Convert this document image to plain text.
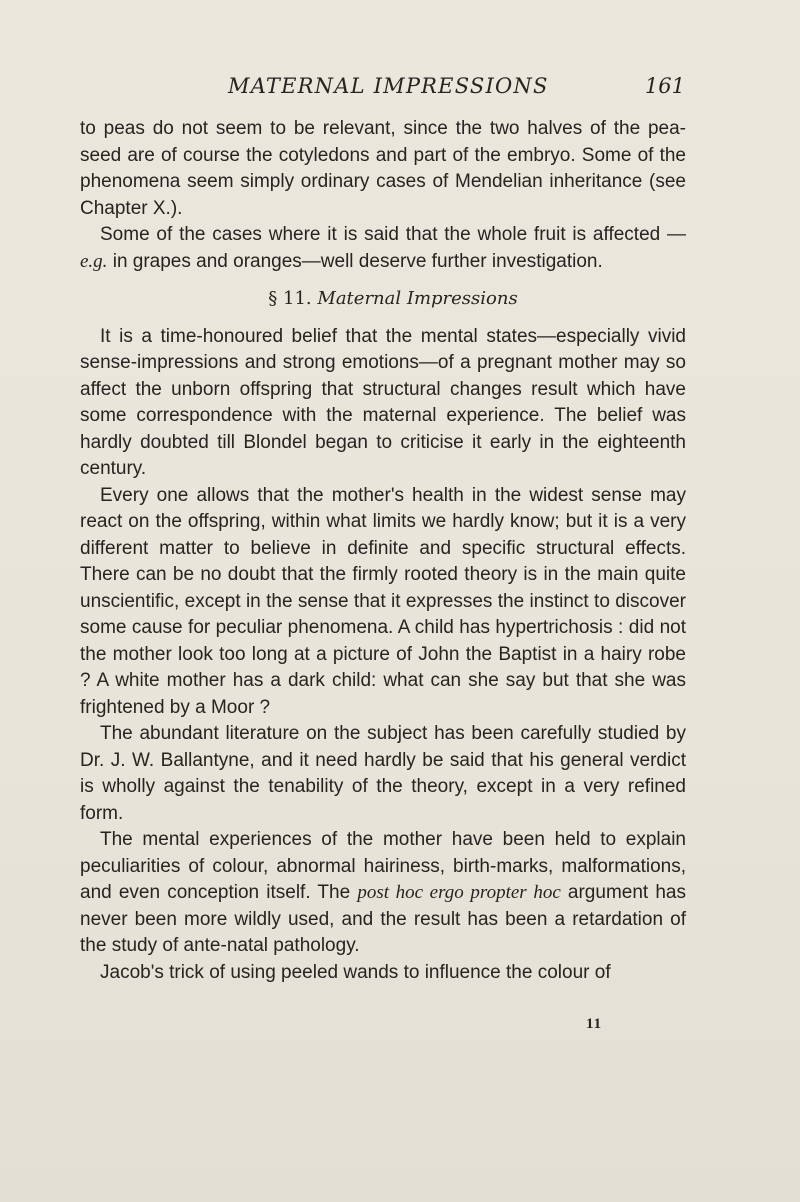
MATERNAL IMPRESSIONS	161

to peas do not seem to be relevant, since the two halves of the pea-seed are of course the cotyledons and part of the embryo. Some of the phenomena seem simply ordinary cases of Mendelian inheritance (see Chapter X.).

Some of the cases where it is said that the whole fruit is affected —e.g. in grapes and oranges—well deserve further investigation.

§ 11. Maternal Impressions

It is a time-honoured belief that the mental states—especially vivid sense-impressions and strong emotions—of a pregnant mother may so affect the unborn offspring that structural changes result which have some correspondence with the maternal experience. The belief was hardly doubted till Blondel began to criticise it early in the eighteenth century.

Every one allows that the mother's health in the widest sense may react on the offspring, within what limits we hardly know; but it is a very different matter to believe in definite and specific structural effects. There can be no doubt that the firmly rooted theory is in the main quite unscientific, except in the sense that it expresses the instinct to discover some cause for peculiar phenomena. A child has hypertrichosis : did not the mother look too long at a picture of John the Baptist in a hairy robe ? A white mother has a dark child: what can she say but that she was frightened by a Moor ?

The abundant literature on the subject has been carefully studied by Dr. J. W. Ballantyne, and it need hardly be said that his general verdict is wholly against the tenability of the theory, except in a very refined form.

The mental experiences of the mother have been held to explain peculiarities of colour, abnormal hairiness, birth-marks, malformations, and even conception itself. The post hoc ergo propter hoc argument has never been more wildly used, and the result has been a retardation of the study of ante-natal pathology.

Jacob's trick of using peeled wands to influence the colour of

11
